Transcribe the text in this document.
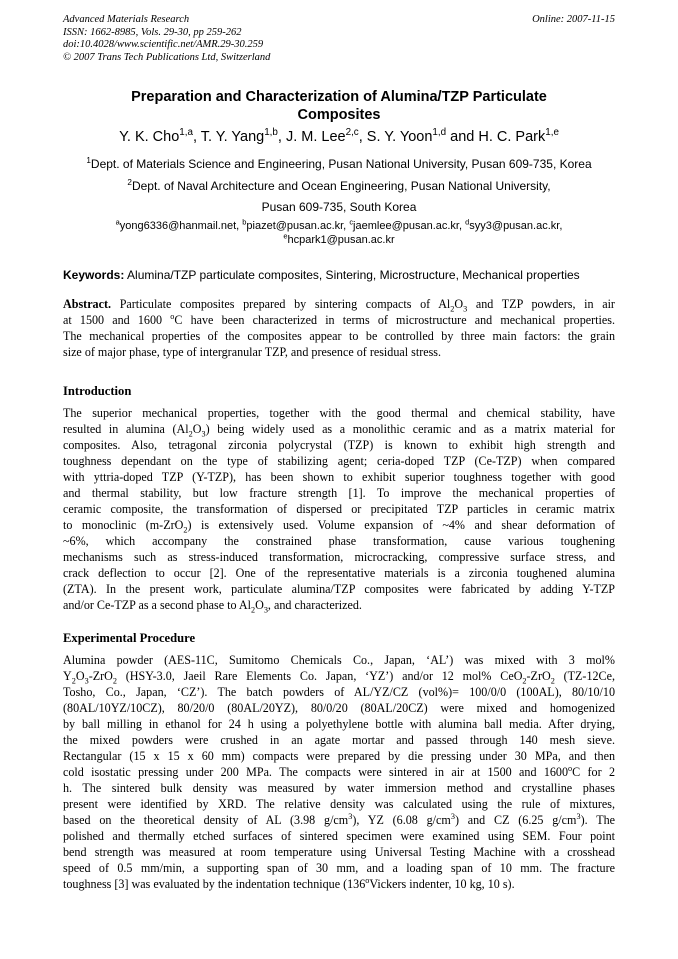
Advanced Materials Research
ISSN: 1662-8985, Vols. 29-30, pp 259-262
doi:10.4028/www.scientific.net/AMR.29-30.259
© 2007 Trans Tech Publications Ltd, Switzerland
Online: 2007-11-15
Preparation and Characterization of Alumina/TZP Particulate
Composites
Y. K. Cho$^{1,a}$, T. Y. Yang$^{1,b}$, J. M. Lee$^{2,c}$, S. Y. Yoon$^{1,d}$ and H. C. Park$^{1,e}$
$^1$Dept. of Materials Science and Engineering, Pusan National University, Pusan 609-735, Korea
$^2$Dept. of Naval Architecture and Ocean Engineering, Pusan National University,
Pusan 609-735, South Korea
$^a$yong6336@hanmail.net, $^b$piazet@pusan.ac.kr, $^c$jaemlee@pusan.ac.kr, $^d$syy3@pusan.ac.kr,
$^e$hcpark1@pusan.ac.kr
Keywords: Alumina/TZP particulate composites, Sintering, Microstructure, Mechanical properties
Abstract. Particulate composites prepared by sintering compacts of $Al_2O_3$ and TZP powders, in air
at 1500 and 1600 $^o$C have been characterized in terms of microstructure and mechanical properties.
The mechanical properties of the composites appear to be controlled by three main factors: the grain
size of major phase, type of intergranular TZP, and presence of residual stress.
Introduction
The superior mechanical properties, together with the good thermal and chemical stability, have
resulted in alumina $(Al_2O_3)$ being widely used as a monolithic ceramic and as a matrix material for
composites. Also, tetragonal zirconia polycrystal (TZP) is known to exhibit high strength and
toughness dependant on the type of stabilizing agent; ceria-doped TZP (Ce-TZP) when compared
with yttria-doped TZP (Y-TZP), has been shown to exhibit superior toughness together with good
and thermal stability, but low fracture strength [1]. To improve the mechanical properties of
ceramic composite, the transformation of dispersed or precipitated TZP particles in ceramic matrix
to monoclinic (m-ZrO$_2$) is extensively used. Volume expansion of ~4% and shear deformation of
~6%, which accompany the constrained phase transformation, cause various toughening
mechanisms such as stress-induced transformation, microcracking, compressive surface stress, and
crack deflection to occur [2]. One of the representative materials is a zirconia toughened alumina
(ZTA). In the present work, particulate alumina/TZP composites were fabricated by adding Y-TZP
and/or Ce-TZP as a second phase to $Al_2O_3$, and characterized.
Experimental Procedure
Alumina powder (AES-11C, Sumitomo Chemicals Co., Japan, ‘AL’) was mixed with 3 mol%
$Y_2O_3-ZrO_2$ (HSY-3.0, Jaeil Rare Elements Co. Japan, ‘YZ’) and/or 12 mol% CeO$_2$-ZrO$_2$ (TZ-12Ce,
Tosho, Co., Japan, ‘CZ’). The batch powders of AL/YZ/CZ (vol%)= 100/0/0 (100AL), 80/10/10
(80AL/10YZ/10CZ), 80/20/0 (80AL/20YZ), 80/0/20 (80AL/20CZ) were mixed and homogenized
by ball milling in ethanol for 24 h using a polyethylene bottle with alumina ball media. After drying,
the mixed powders were crushed in an agate mortar and passed through 140 mesh sieve.
Rectangular (15 x 15 x 60 mm) compacts were prepared by die pressing under 30 MPa, and then
cold isostatic pressing under 200 MPa. The compacts were sintered in air at 1500 and 1600$^o$C for 2
h. The sintered bulk density was measured by water immersion method and crystalline phases
present were identified by XRD. The relative density was calculated using the rule of mixtures,
based on the theoretical density of AL (3.98 $g/cm^3$), YZ (6.08 $g/cm^3$) and CZ (6.25 $g/cm^3$). The
polished and thermally etched surfaces of sintered specimen were examined using SEM. Four point
bend strength was measured at room temperature using Universal Testing Machine with a crosshead
speed of 0.5 mm/min, a supporting span of 30 mm, and a loading span of 10 mm. The fracture
toughness [3] was evaluated by the indentation technique (136$^o$Vickers indenter, 10 kg, 10 s).
